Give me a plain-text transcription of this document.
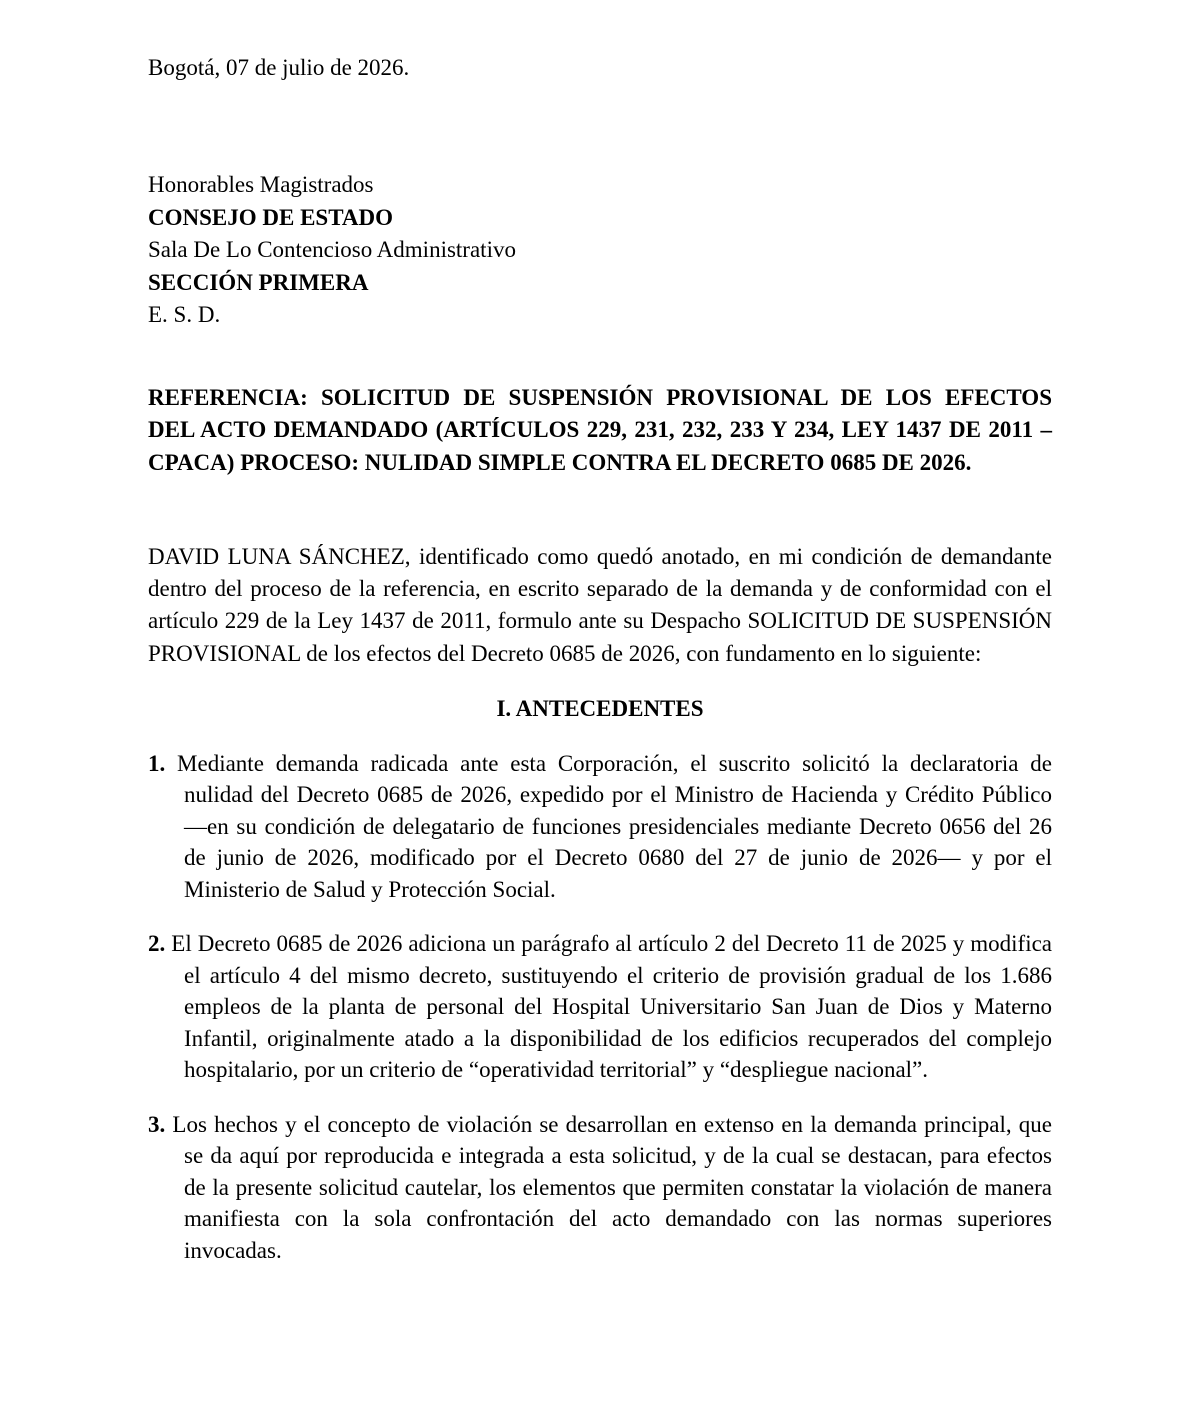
Bogotá, 07 de julio de 2026.

Honorables Magistrados
CONSEJO DE ESTADO
Sala De Lo Contencioso Administrativo
SECCIÓN PRIMERA
E. S. D.

REFERENCIA: SOLICITUD DE SUSPENSIÓN PROVISIONAL DE LOS EFECTOS DEL ACTO DEMANDADO (ARTÍCULOS 229, 231, 232, 233 Y 234, LEY 1437 DE 2011 – CPACA) PROCESO: NULIDAD SIMPLE CONTRA EL DECRETO 0685 DE 2026.

DAVID LUNA SÁNCHEZ, identificado como quedó anotado, en mi condición de demandante dentro del proceso de la referencia, en escrito separado de la demanda y de conformidad con el artículo 229 de la Ley 1437 de 2011, formulo ante su Despacho SOLICITUD DE SUSPENSIÓN PROVISIONAL de los efectos del Decreto 0685 de 2026, con fundamento en lo siguiente:

I. ANTECEDENTES

1. Mediante demanda radicada ante esta Corporación, el suscrito solicitó la declaratoria de nulidad del Decreto 0685 de 2026, expedido por el Ministro de Hacienda y Crédito Público —en su condición de delegatario de funciones presidenciales mediante Decreto 0656 del 26 de junio de 2026, modificado por el Decreto 0680 del 27 de junio de 2026— y por el Ministerio de Salud y Protección Social.

2. El Decreto 0685 de 2026 adiciona un parágrafo al artículo 2 del Decreto 11 de 2025 y modifica el artículo 4 del mismo decreto, sustituyendo el criterio de provisión gradual de los 1.686 empleos de la planta de personal del Hospital Universitario San Juan de Dios y Materno Infantil, originalmente atado a la disponibilidad de los edificios recuperados del complejo hospitalario, por un criterio de “operatividad territorial” y “despliegue nacional”.

3. Los hechos y el concepto de violación se desarrollan en extenso en la demanda principal, que se da aquí por reproducida e integrada a esta solicitud, y de la cual se destacan, para efectos de la presente solicitud cautelar, los elementos que permiten constatar la violación de manera manifiesta con la sola confrontación del acto demandado con las normas superiores invocadas.
